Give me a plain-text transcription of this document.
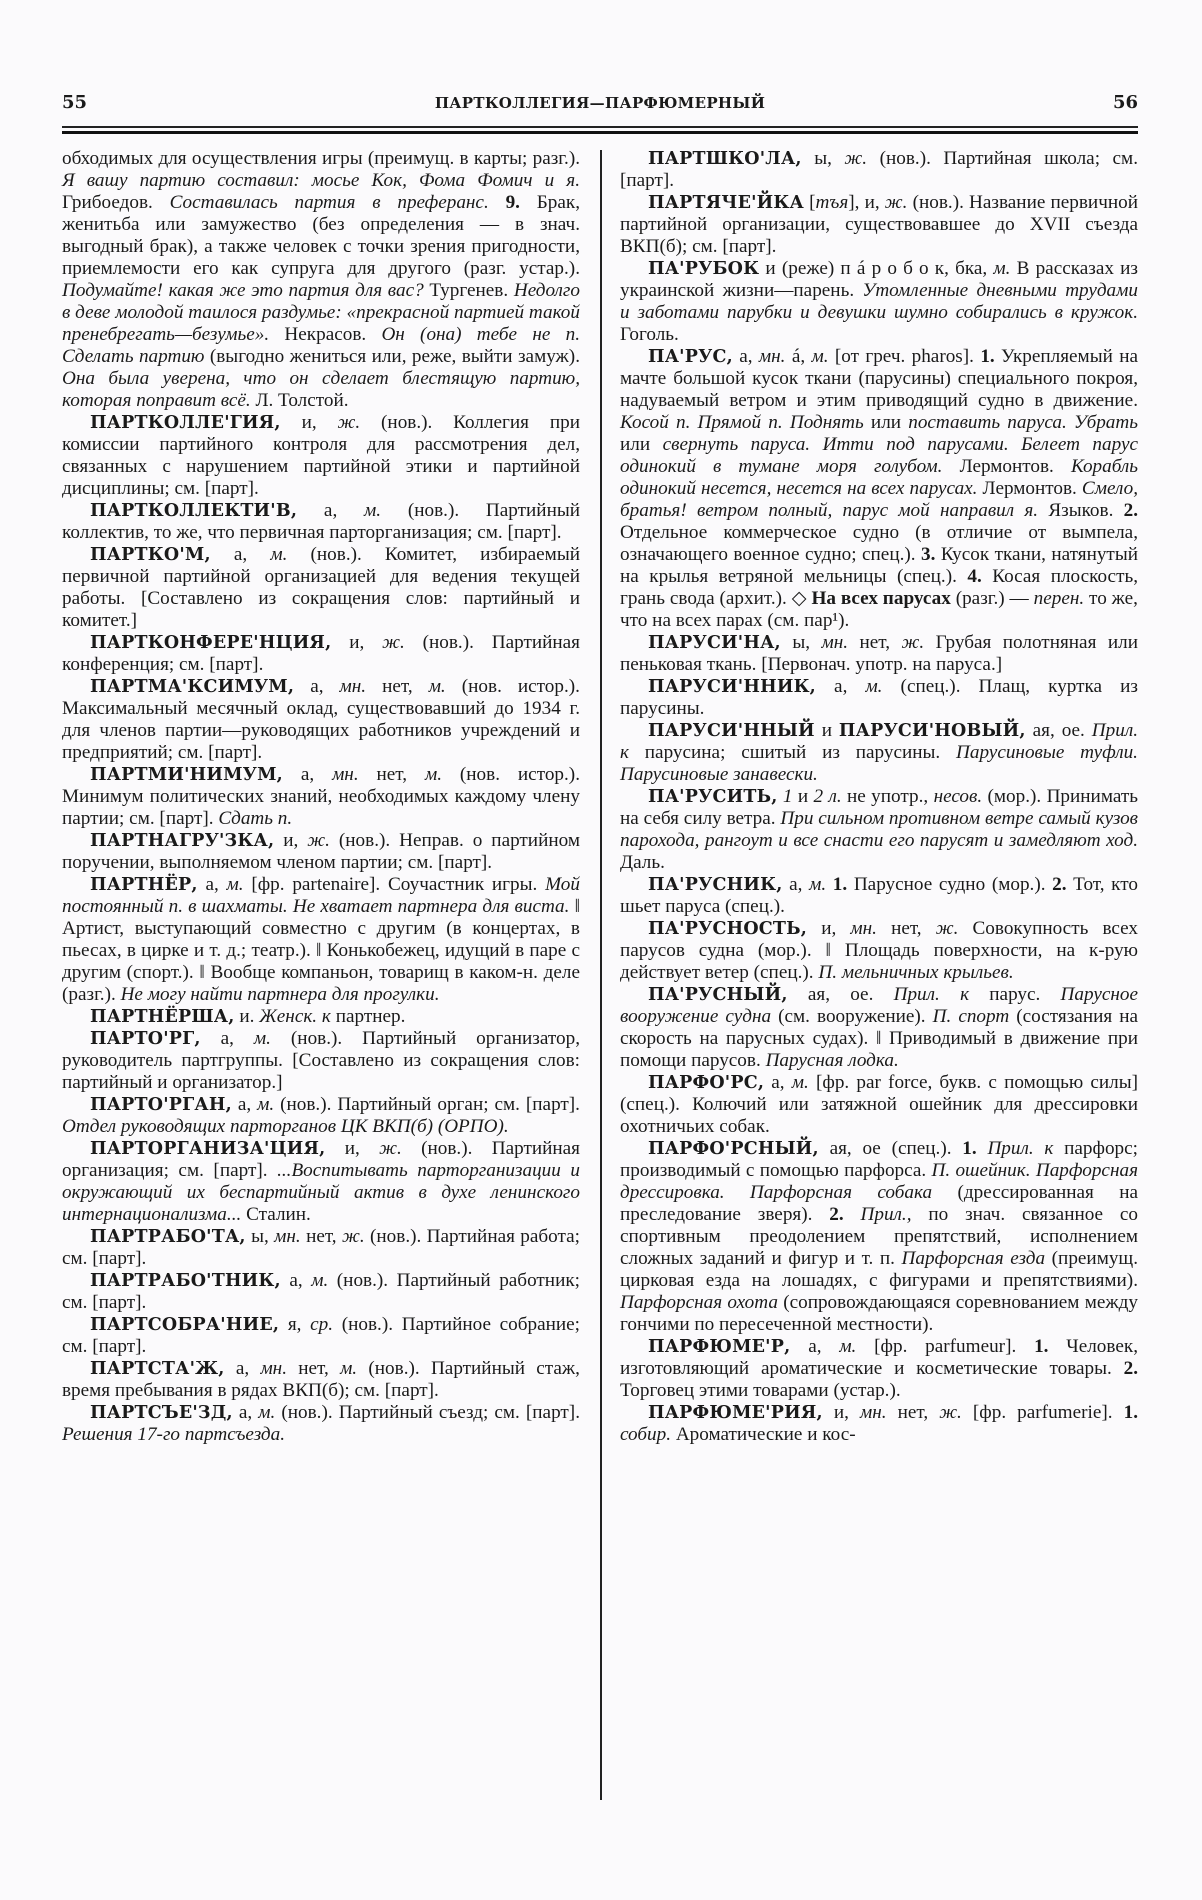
55	ПАРТКОЛЛЕГИЯ—ПАРФЮМЕРНЫЙ	56

обходимых для осуществления игры (преимущ. в карты; разг.). Я вашу партию составил: мосье Кок, Фома Фомич и я. Грибоедов. Составилась партия в преферанс. 9. Брак, женитьба или замужество (без определения — в знач. выгодный брак), а также человек с точки зрения пригодности, приемлемости его как супруга для другого (разг. устар.). Подумайте! какая же это партия для вас? Тургенев. Недолго в деве молодой таилося раздумье: «прекрасной партией такой пренебрегать—безумье». Некрасов. Он (она) тебе не п. Сделать партию (выгодно жениться или, реже, выйти замуж). Она была уверена, что он сделает блестящую партию, которая поправит всё. Л. Толстой.

ПАРТКОЛЛЕ'ГИЯ, и, ж. (нов.). Коллегия при комиссии партийного контроля для рассмотрения дел, связанных с нарушением партийной этики и партийной дисциплины; см. [парт].

ПАРТКОЛЛЕКТИ'В, а, м. (нов.). Партийный коллектив, то же, что первичная парторганизация; см. [парт].

ПАРТКО'М, а, м. (нов.). Комитет, избираемый первичной партийной организацией для ведения текущей работы. [Составлено из сокращения слов: партийный и комитет.]

ПАРТКОНФЕРЕ'НЦИЯ, и, ж. (нов.). Партийная конференция; см. [парт].

ПАРТМА'КСИМУМ, а, мн. нет, м. (нов. истор.). Максимальный месячный оклад, существовавший до 1934 г. для членов партии—руководящих работников учреждений и предприятий; см. [парт].

ПАРТМИ'НИМУМ, а, мн. нет, м. (нов. истор.). Минимум политических знаний, необходимых каждому члену партии; см. [парт]. Сдать п.

ПАРТНАГРУ'ЗКА, и, ж. (нов.). Неправ. о партийном поручении, выполняемом членом партии; см. [парт].

ПАРТНЁР, а, м. [фр. partenaire]. Соучастник игры. Мой постоянный п. в шахматы. Не хватает партнера для виста. ‖ Артист, выступающий совместно с другим (в концертах, в пьесах, в цирке и т. д.; театр.). ‖ Конькобежец, идущий в паре с другим (спорт.). ‖ Вообще компаньон, товарищ в каком-н. деле (разг.). Не могу найти партнера для прогулки.

ПАРТНЁРША, и. Женск. к партнер.

ПАРТО'РГ, а, м. (нов.). Партийный организатор, руководитель партгруппы. [Составлено из сокращения слов: партийный и организатор.]

ПАРТО'РГАН, а, м. (нов.). Партийный орган; см. [парт]. Отдел руководящих парторганов ЦК ВКП(б) (ОРПО).

ПАРТОРГАНИЗА'ЦИЯ, и, ж. (нов.). Партийная организация; см. [парт]. ...Воспитывать парторганизации и окружающий их беспартийный актив в духе ленинского интернационализма... Сталин.

ПАРТРАБО'ТА, ы, мн. нет, ж. (нов.). Партийная работа; см. [парт].

ПАРТРАБО'ТНИК, а, м. (нов.). Партийный работник; см. [парт].

ПАРТСОБРА'НИЕ, я, ср. (нов.). Партийное собрание; см. [парт].

ПАРТСТА'Ж, а, мн. нет, м. (нов.). Партийный стаж, время пребывания в рядах ВКП(б); см. [парт].

ПАРТСЪЕ'ЗД, а, м. (нов.). Партийный съезд; см. [парт]. Решения 17-го партсъезда.

ПАРТШКО'ЛА, ы, ж. (нов.). Партийная школа; см. [парт].

ПАРТЯЧЕ'ЙКА [тъя], и, ж. (нов.). Название первичной партийной организации, существовавшее до XVII съезда ВКП(б); см. [парт].

ПА'РУБОК и (реже) п á р о б о к, бка, м. В рассказах из украинской жизни—парень. Утомленные дневными трудами и заботами парубки и девушки шумно собирались в кружок. Гоголь.

ПА'РУС, а, мн. á, м. [от греч. pharos]. 1. Укрепляемый на мачте большой кусок ткани (парусины) специального покроя, надуваемый ветром и этим приводящий судно в движение. Косой п. Прямой п. Поднять или поставить паруса. Убрать или свернуть паруса. Итти под парусами. Белеет парус одинокий в тумане моря голубом. Лермонтов. Корабль одинокий несется, несется на всех парусах. Лермонтов. Смело, братья! ветром полный, парус мой направил я. Языков. 2. Отдельное коммерческое судно (в отличие от вымпела, означающего военное судно; спец.). 3. Кусок ткани, натянутый на крылья ветряной мельницы (спец.). 4. Косая плоскость, грань свода (архит.). ◇ На всех парусах (разг.) — перен. то же, что на всех парах (см. пар¹).

ПАРУСИ'НА, ы, мн. нет, ж. Грубая полотняная или пеньковая ткань. [Первонач. употр. на паруса.]

ПАРУСИ'ННИК, а, м. (спец.). Плащ, куртка из парусины.

ПАРУСИ'ННЫЙ и ПАРУСИ'НОВЫЙ, ая, ое. Прил. к парусина; сшитый из парусины. Парусиновые туфли. Парусиновые занавески.

ПА'РУСИТЬ, 1 и 2 л. не употр., несов. (мор.). Принимать на себя силу ветра. При сильном противном ветре самый кузов парохода, рангоут и все снасти его парусят и замедляют ход. Даль.

ПА'РУСНИК, а, м. 1. Парусное судно (мор.). 2. Тот, кто шьет паруса (спец.).

ПА'РУСНОСТЬ, и, мн. нет, ж. Совокупность всех парусов судна (мор.). ‖ Площадь поверхности, на к-рую действует ветер (спец.). П. мельничных крыльев.

ПА'РУСНЫЙ, ая, ое. Прил. к парус. Парусное вооружение судна (см. вооружение). П. спорт (состязания на скорость на парусных судах). ‖ Приводимый в движение при помощи парусов. Парусная лодка.

ПАРФО'РС, а, м. [фр. par force, букв. с помощью силы] (спец.). Колючий или затяжной ошейник для дрессировки охотничьих собак.

ПАРФО'РСНЫЙ, ая, ое (спец.). 1. Прил. к парфорс; производимый с помощью парфорса. П. ошейник. Парфорсная дрессировка. Парфорсная собака (дрессированная на преследование зверя). 2. Прил., по знач. связанное со спортивным преодолением препятствий, исполнением сложных заданий и фигур и т. п. Парфорсная езда (преимущ. цирковая езда на лошадях, с фигурами и препятствиями). Парфорсная охота (сопровождающаяся соревнованием между гончими по пересеченной местности).

ПАРФЮМЕ'Р, а, м. [фр. parfumeur]. 1. Человек, изготовляющий ароматические и косметические товары. 2. Торговец этими товарами (устар.).

ПАРФЮМЕ'РИЯ, и, мн. нет, ж. [фр. parfumerie]. 1. собир. Ароматические и кос-
